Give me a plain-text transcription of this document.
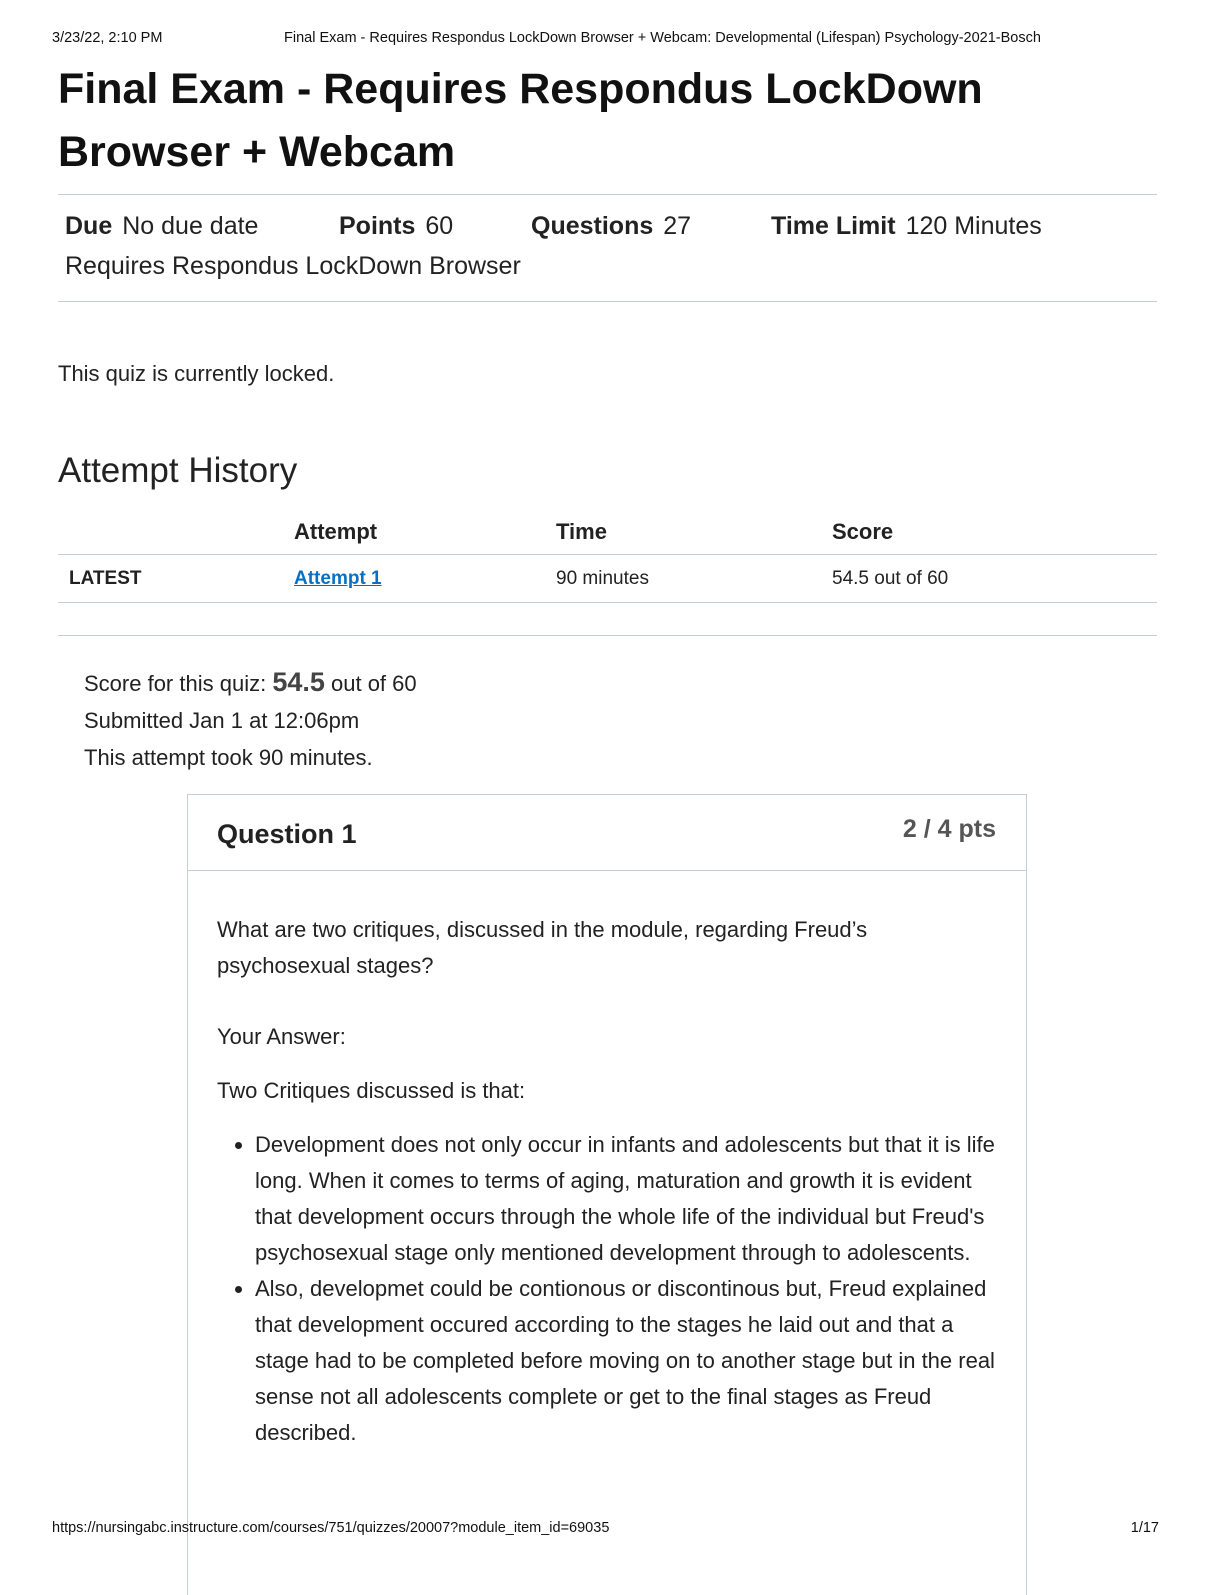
3/23/22, 2:10 PM	Final Exam - Requires Respondus LockDown Browser + Webcam: Developmental (Lifespan) Psychology-2021-Bosch
Final Exam - Requires Respondus LockDown Browser + Webcam
Due No due date	Points 60	Questions 27	Time Limit 120 Minutes
Requires Respondus LockDown Browser
This quiz is currently locked.
Attempt History
	Attempt	Time	Score
LATEST	Attempt 1	90 minutes	54.5 out of 60
Score for this quiz: 54.5 out of 60
Submitted Jan 1 at 12:06pm
This attempt took 90 minutes.
Question 1	2 / 4 pts

What are two critiques, discussed in the module, regarding Freud’s psychosexual stages?

Your Answer:

Two Critiques discussed is that:

• Development does not only occur in infants and adolescents but that it is life long. When it comes to terms of aging, maturation and growth it is evident that development occurs through the whole life of the individual but Freud's psychosexual stage only mentioned development through to adolescents.
• Also, developmet could be contionous or discontinous but, Freud explained that development occured according to the stages he laid out and that a stage had to be completed before moving on to another stage but in the real sense not all adolescents complete or get to the final stages as Freud described.
https://nursingabc.instructure.com/courses/751/quizzes/20007?module_item_id=69035	1/17
